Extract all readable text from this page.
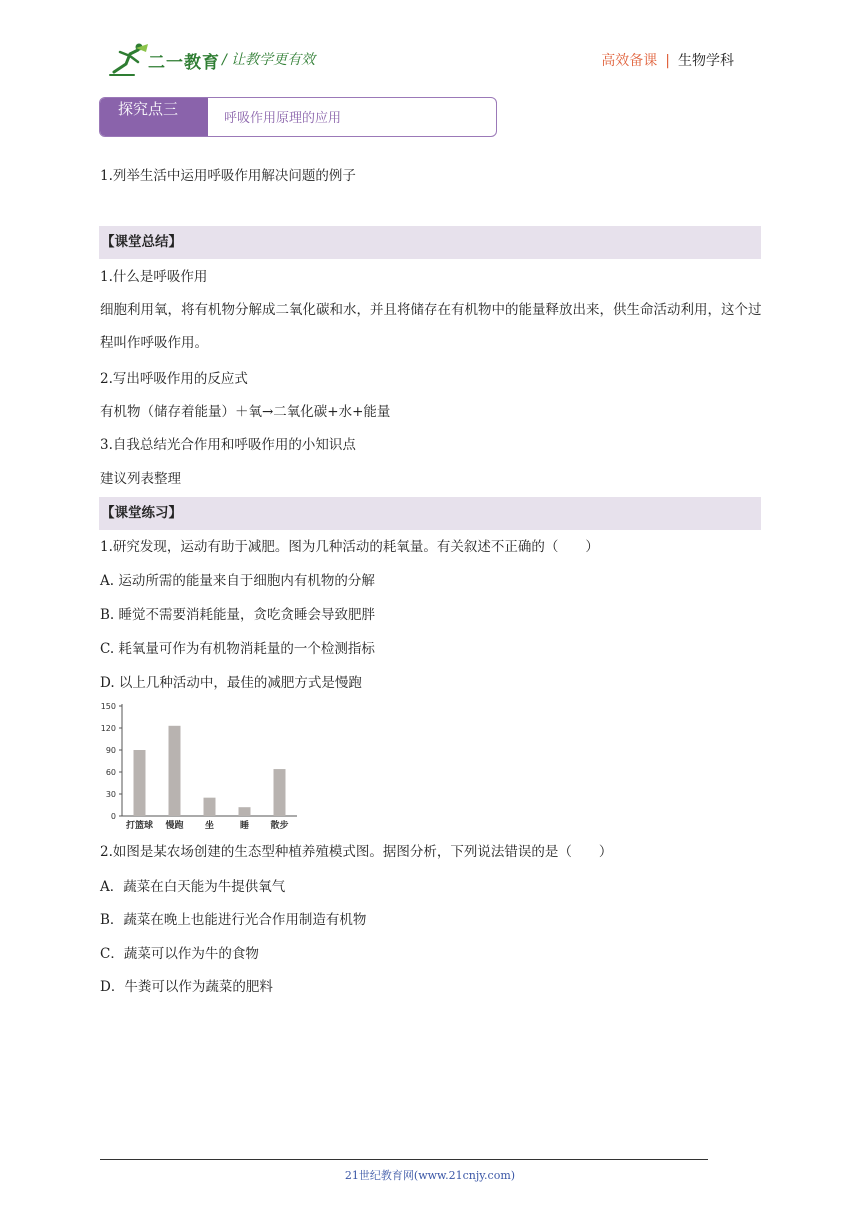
二一教育 / 让教学更有效	高效备课 | 生物学科
探究点三
呼吸作用原理的应用
1.列举生活中运用呼吸作用解决问题的例子
【课堂总结】
1.什么是呼吸作用
细胞利用氧，将有机物分解成二氧化碳和水，并且将储存在有机物中的能量释放出来，供生命活动利用，这个过程叫作呼吸作用。
2.写出呼吸作用的反应式
有机物（储存着能量）＋氧→二氧化碳+水+能量
3.自我总结光合作用和呼吸作用的小知识点
建议列表整理
【课堂练习】
1.研究发现，运动有助于减肥。图为几种活动的耗氧量。有关叙述不正确的（　　）
A. 运动所需的能量来自于细胞内有机物的分解
B. 睡觉不需要消耗能量，贪吃贪睡会导致肥胖
C. 耗氧量可作为有机物消耗量的一个检测指标
D. 以上几种活动中，最佳的减肥方式是慢跑
150
120
90
60
30
0
打篮球 慢跑 坐	睡 散步
2.如图是某农场创建的生态型种植养殖模式图。据图分析，下列说法错误的是（　　）
A．蔬菜在白天能为牛提供氧气
B．蔬菜在晚上也能进行光合作用制造有机物
C．蔬菜可以作为牛的食物
D．牛粪可以作为蔬菜的肥料
21世纪教育网(www.21cnjy.com)
